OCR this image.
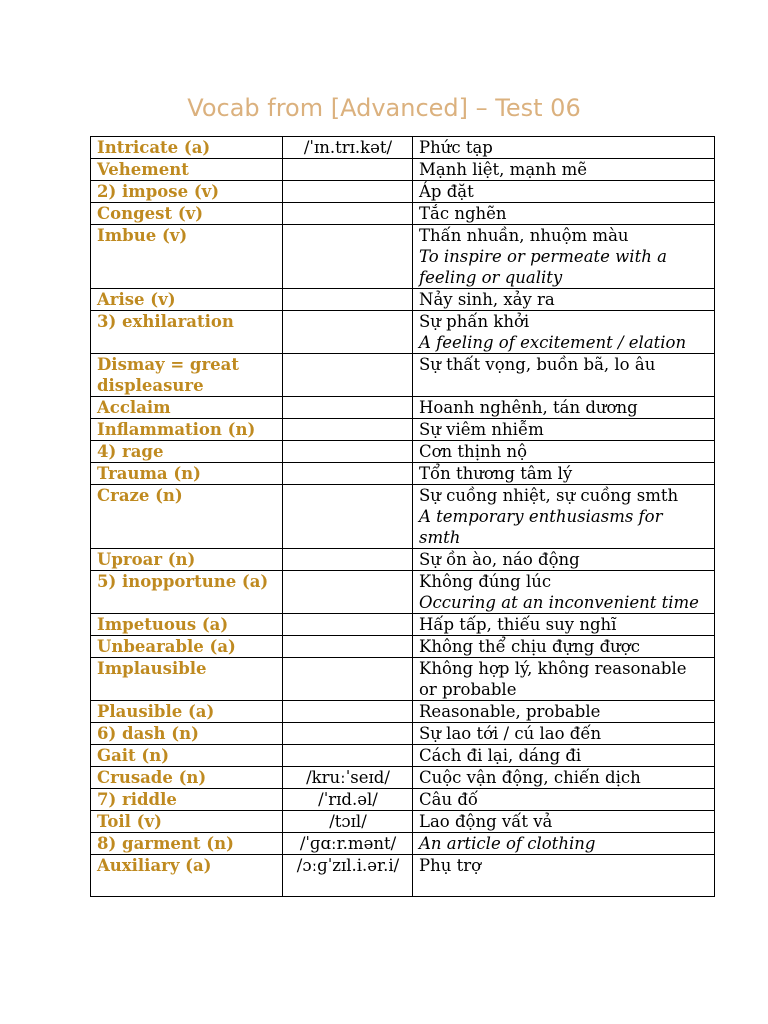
Vocab from [Advanced] – Test 06
Intricate (a)	/ˈɪn.trɪ.kət/	Phức tạp
Vehement		Mạnh liệt, mạnh mẽ
2) impose (v)		Áp đặt
Congest (v)		Tắc nghẽn
Imbue (v)		Thấn nhuần, nhuộm màu
To inspire or permeate with a feeling or quality

Arise (v)		Nảy sinh, xảy ra
3) exhilaration		Sự phấn khởi
A feeling of excitement / elation

Dismay = great displeasure		Sự thất vọng, buồn bã, lo âu
Acclaim		Hoanh nghênh, tán dương
Inflammation (n)		Sự viêm nhiễm
4) rage		Cơn thịnh nộ
Trauma (n)		Tổn thương tâm lý
Craze (n)		Sự cuồng nhiệt, sự cuồng smth
A temporary enthusiasms for smth

Uproar (n)		Sự ồn ào, náo động
5) inopportune (a)		Không đúng lúc
Occuring at an inconvenient time

Impetuous (a)		Hấp tấp, thiếu suy nghĩ
Unbearable (a)		Không thể chịu đựng được
Implausible		Không hợp lý, không reasonable or probable
Plausible (a)		Reasonable, probable
6) dash (n)		Sự lao tới / cú lao đến
Gait (n)		Cách đi lại, dáng đi
Crusade (n)	/kruːˈseɪd/	Cuộc vận động, chiến dịch
7) riddle	/ˈrɪd.əl/	Câu đố
Toil (v)	/tɔɪl/	Lao động vất vả
8) garment (n)	/ˈɡɑːr.mənt/	An article of clothing

Auxiliary (a)	/ɔːɡˈzɪl.i.ər.i/	Phụ trợ
